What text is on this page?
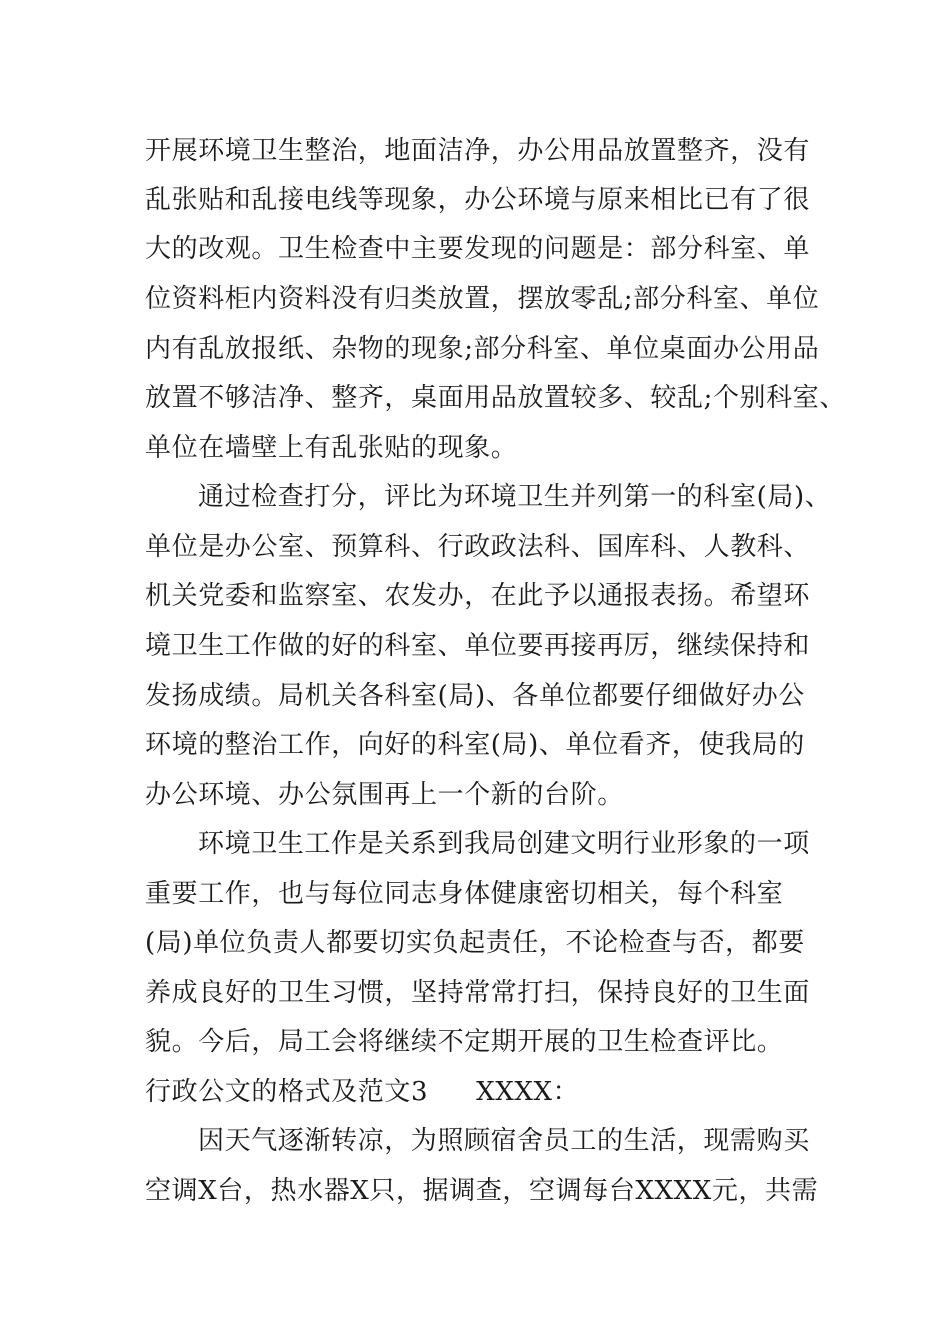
开展环境卫生整治，地面洁净，办公用品放置整齐，没有
乱张贴和乱接电线等现象，办公环境与原来相比已有了很
大的改观。卫生检查中主要发现的问题是：部分科室、单
位资料柜内资料没有归类放置，摆放零乱;部分科室、单位
内有乱放报纸、杂物的现象;部分科室、单位桌面办公用品
放置不够洁净、整齐，桌面用品放置较多、较乱;个别科室、
单位在墙壁上有乱张贴的现象。
通过检查打分，评比为环境卫生并列第一的科室(局)、
单位是办公室、预算科、行政政法科、国库科、人教科、
机关党委和监察室、农发办，在此予以通报表扬。希望环
境卫生工作做的好的科室、单位要再接再厉，继续保持和
发扬成绩。局机关各科室(局)、各单位都要仔细做好办公
环境的整治工作，向好的科室(局)、单位看齐，使我局的
办公环境、办公氛围再上一个新的台阶。
环境卫生工作是关系到我局创建文明行业形象的一项
重要工作，也与每位同志身体健康密切相关，每个科室
(局)单位负责人都要切实负起责任，不论检查与否，都要
养成良好的卫生习惯，坚持常常打扫，保持良好的卫生面
貌。今后，局工会将继续不定期开展的卫生检查评比。
行政公文的格式及范文3 XXXX：
因天气逐渐转凉，为照顾宿舍员工的生活，现需购买
空调X台，热水器X只，据调查，空调每台XXXX元，共需
